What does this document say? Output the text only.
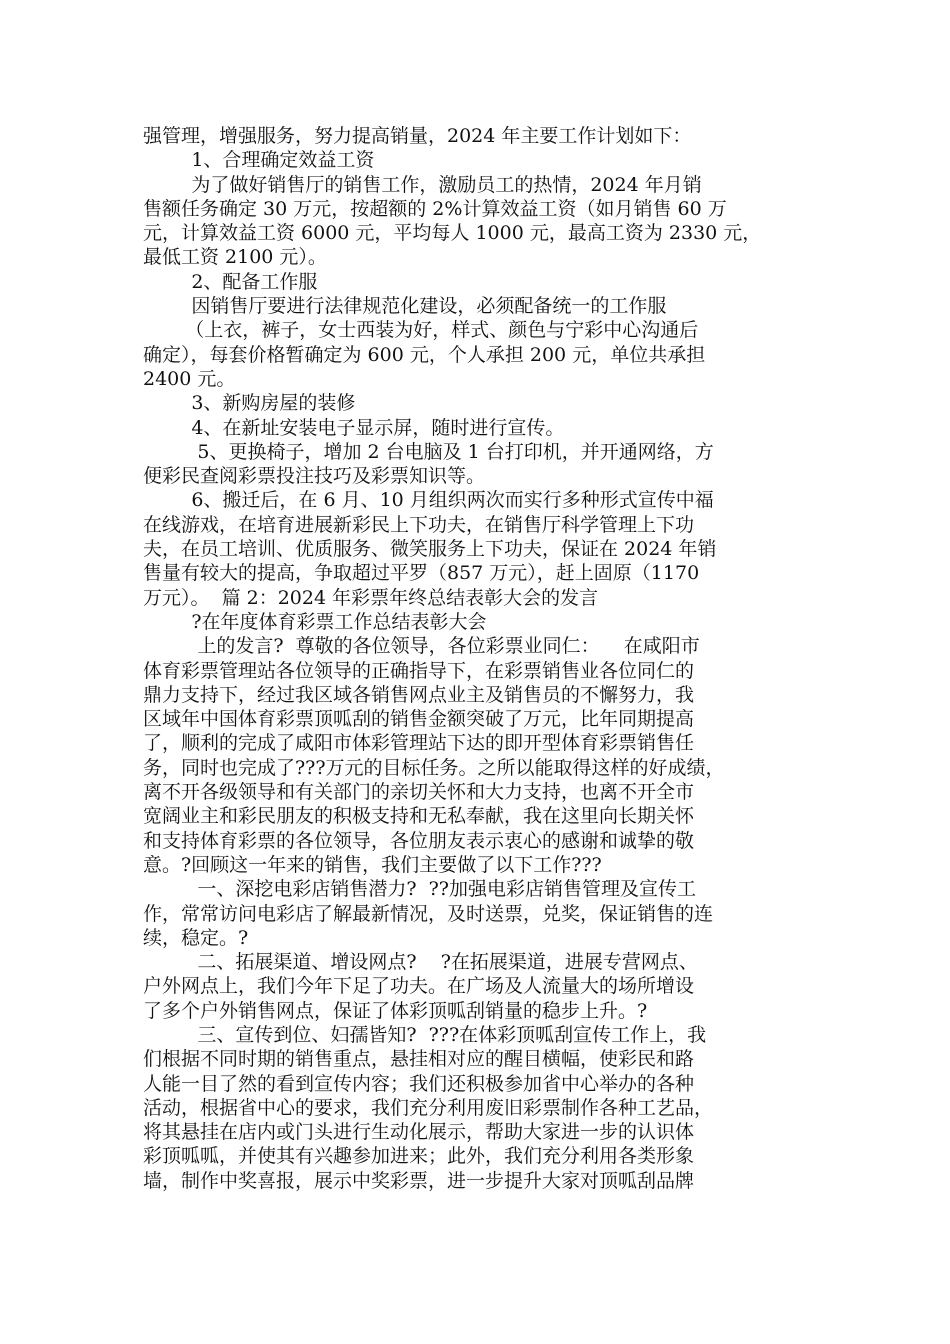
强管理，增强服务，努力提高销量，2024 年主要工作计划如下：
1、合理确定效益工资
为了做好销售厅的销售工作，激励员工的热情，2024 年月销
售额任务确定 30 万元，按超额的 2%计算效益工资（如月销售 60 万
元，计算效益工资 6000 元，平均每人 1000 元，最高工资为 2330 元，
最低工资 2100 元）。
2、配备工作服
因销售厅要进行法律规范化建设，必须配备统一的工作服
（上衣，裤子，女士西装为好，样式、颜色与宁彩中心沟通后
确定），每套价格暂确定为 600 元，个人承担 200 元，单位共承担
2400 元。
3、新购房屋的装修
4、在新址安装电子显示屏，随时进行宣传。
5、更换椅子，增加 2 台电脑及 1 台打印机，并开通网络，方
便彩民查阅彩票投注技巧及彩票知识等。
6、搬迁后，在 6 月、10 月组织两次而实行多种形式宣传中福
在线游戏，在培育进展新彩民上下功夫，在销售厅科学管理上下功
夫，在员工培训、优质服务、微笑服务上下功夫，保证在 2024 年销
售量有较大的提高，争取超过平罗（857 万元），赶上固原（1170
万元）。  篇 2：2024 年彩票年终总结表彰大会的发言
?在年度体育彩票工作总结表彰大会
上的发言?  尊敬的各位领导，各位彩票业同仁：    在咸阳市
体育彩票管理站各位领导的正确指导下，在彩票销售业各位同仁的
鼎力支持下，经过我区域各销售网点业主及销售员的不懈努力，我
区域年中国体育彩票顶呱刮的销售金额突破了万元，比年同期提高
了，顺利的完成了咸阳市体彩管理站下达的即开型体育彩票销售任
务，同时也完成了???万元的目标任务。之所以能取得这样的好成绩，
离不开各级领导和有关部门的亲切关怀和大力支持，也离不开全市
宽阔业主和彩民朋友的积极支持和无私奉献，我在这里向长期关怀
和支持体育彩票的各位领导，各位朋友表示衷心的感谢和诚挚的敬
意。?回顾这一年来的销售，我们主要做了以下工作???
一、深挖电彩店销售潜力?  ??加强电彩店销售管理及宣传工
作，常常访问电彩店了解最新情况，及时送票，兑奖，保证销售的连
续，稳定。?
二、拓展渠道、增设网点?    ?在拓展渠道，进展专营网点、
户外网点上，我们今年下足了功夫。在广场及人流量大的场所增设
了多个户外销售网点，保证了体彩顶呱刮销量的稳步上升。?
三、宣传到位、妇孺皆知?  ???在体彩顶呱刮宣传工作上，我
们根据不同时期的销售重点，悬挂相对应的醒目横幅，使彩民和路
人能一目了然的看到宣传内容；我们还积极参加省中心举办的各种
活动，根据省中心的要求，我们充分利用废旧彩票制作各种工艺品，
将其悬挂在店内或门头进行生动化展示，帮助大家进一步的认识体
彩顶呱呱，并使其有兴趣参加进来；此外，我们充分利用各类形象
墙，制作中奖喜报，展示中奖彩票，进一步提升大家对顶呱刮品牌
